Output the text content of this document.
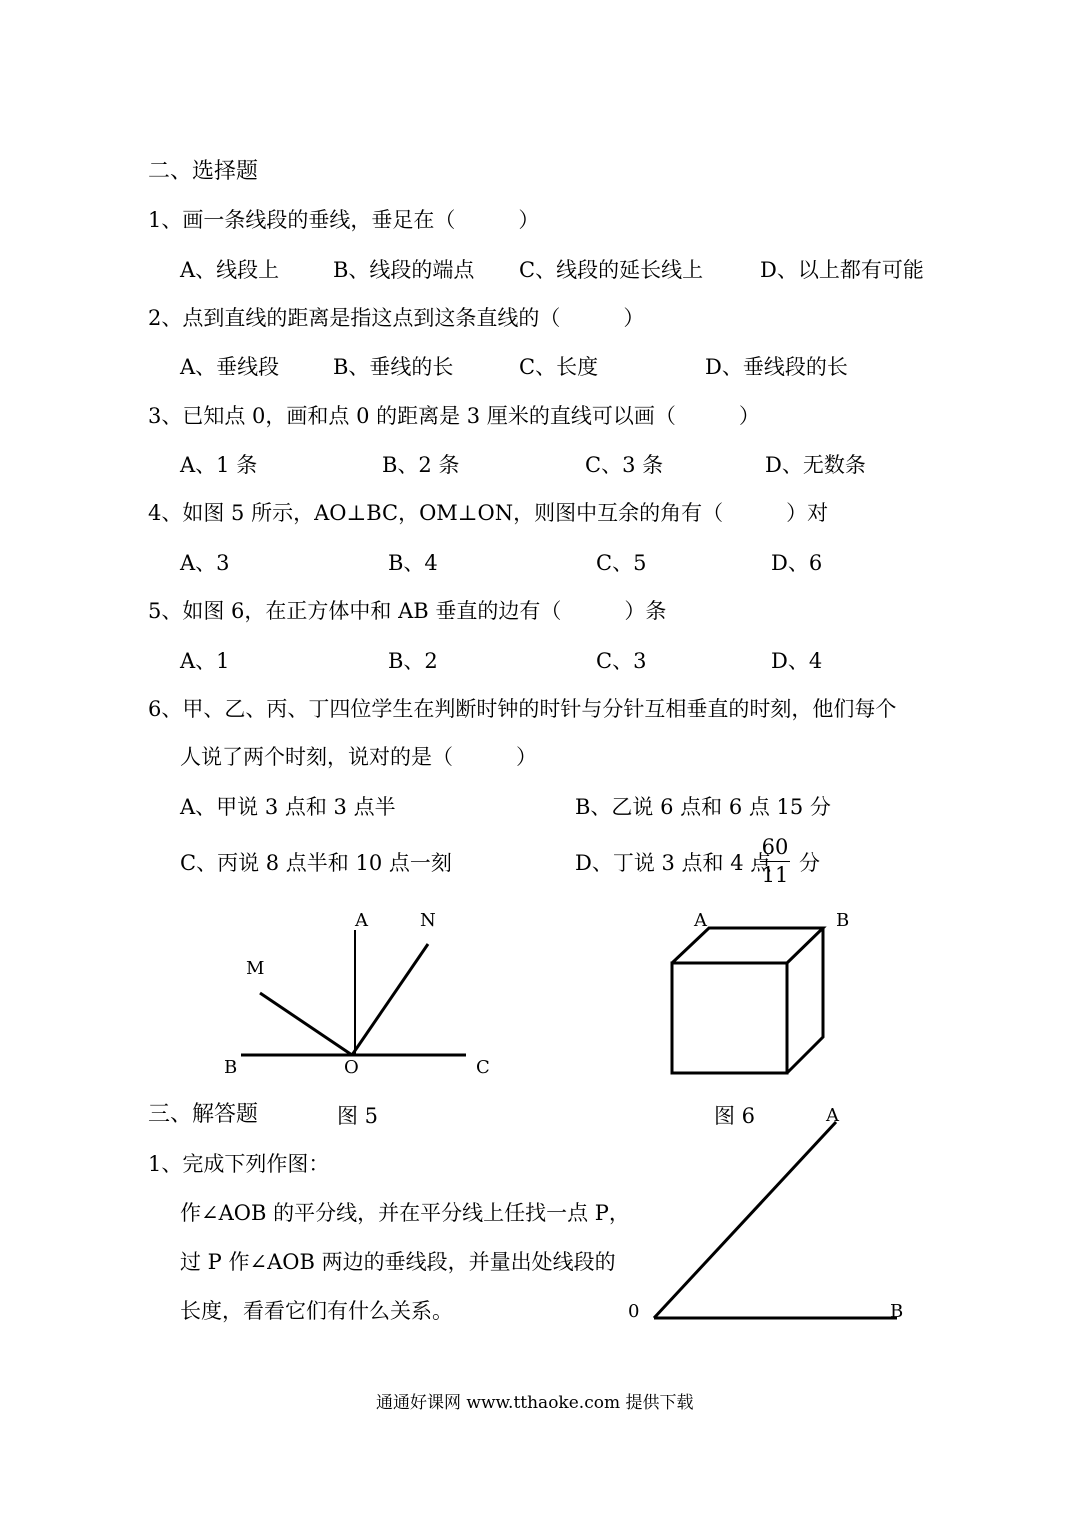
二、选择题
1、画一条线段的垂线，垂足在（　　　）
A、线段上	B、线段的端点 C、线段的延长线上	D、以上都有可能
2、点到直线的距离是指这点到这条直线的（　　　）
A、垂线段	B、垂线的长	C、长度	D、垂线段的长
3、已知点 0，画和点 0 的距离是 3 厘米的直线可以画（　　　）
A、1 条	B、2 条	C、3 条	D、无数条
4、如图 5 所示，AO⊥BC，OM⊥ON，则图中互余的角有（　　　）对
A、3	B、4	C、5	D、6
5、如图 6，在正方体中和 AB 垂直的边有（　　　）条
A、1	B、2	C、3	D、4
6、甲、乙、丙、丁四位学生在判断时钟的时针与分针互相垂直的时刻，他们每个
人说了两个时刻，说对的是（　　　）
A、甲说 3 点和 3 点半	B、乙说 6 点和 6 点 15 分
C、丙说 8 点半和 10 点一刻	D、丁说 3 点和 4 点
60
11 分
A	N
M
B	O	C
A	B
三、解答题	图 5	图 6	A
1、完成下列作图：
作∠AOB 的平分线，并在平分线上任找一点 P，
过 P 作∠AOB 两边的垂线段，并量出处线段的
长度，看看它们有什么关系。	0	B
通通好课网 www.tthaoke.com 提供下载
